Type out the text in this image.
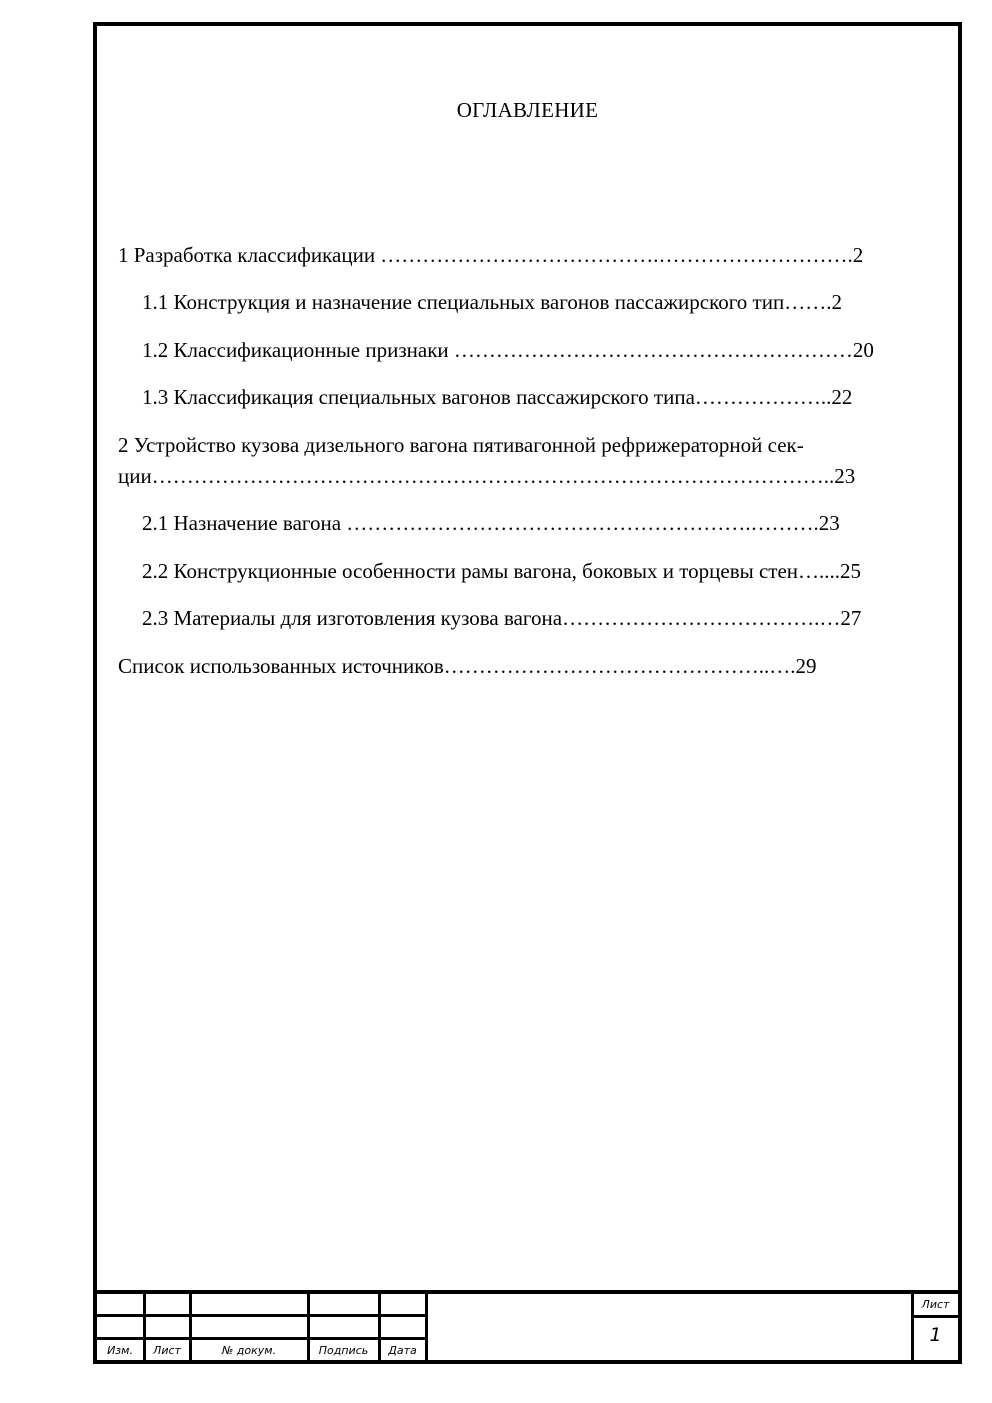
ОГЛАВЛЕНИЕ
1 Разработка классификации ………………………………….……………………….2
1.1 Конструкция и назначение специальных вагонов пассажирского тип…….2
1.2 Классификационные признаки …………………………………………………20
1.3 Классификация специальных вагонов пассажирского типа………………..22
2 Устройство кузова дизельного вагона пятивагонной рефрижераторной сек-
ции……………………………………………………………………………………..23
2.1 Назначение вагона ………………………………………………….……….23
2.2 Конструкционные особенности рамы вагона, боковых и торцевы стен…....25
2.3 Материалы для изготовления кузова вагона……………………………….…27
Список использованных источников………………………………………..….29
Изм.	Лист	№ докум.	Подпись	Дата
Лист
1
